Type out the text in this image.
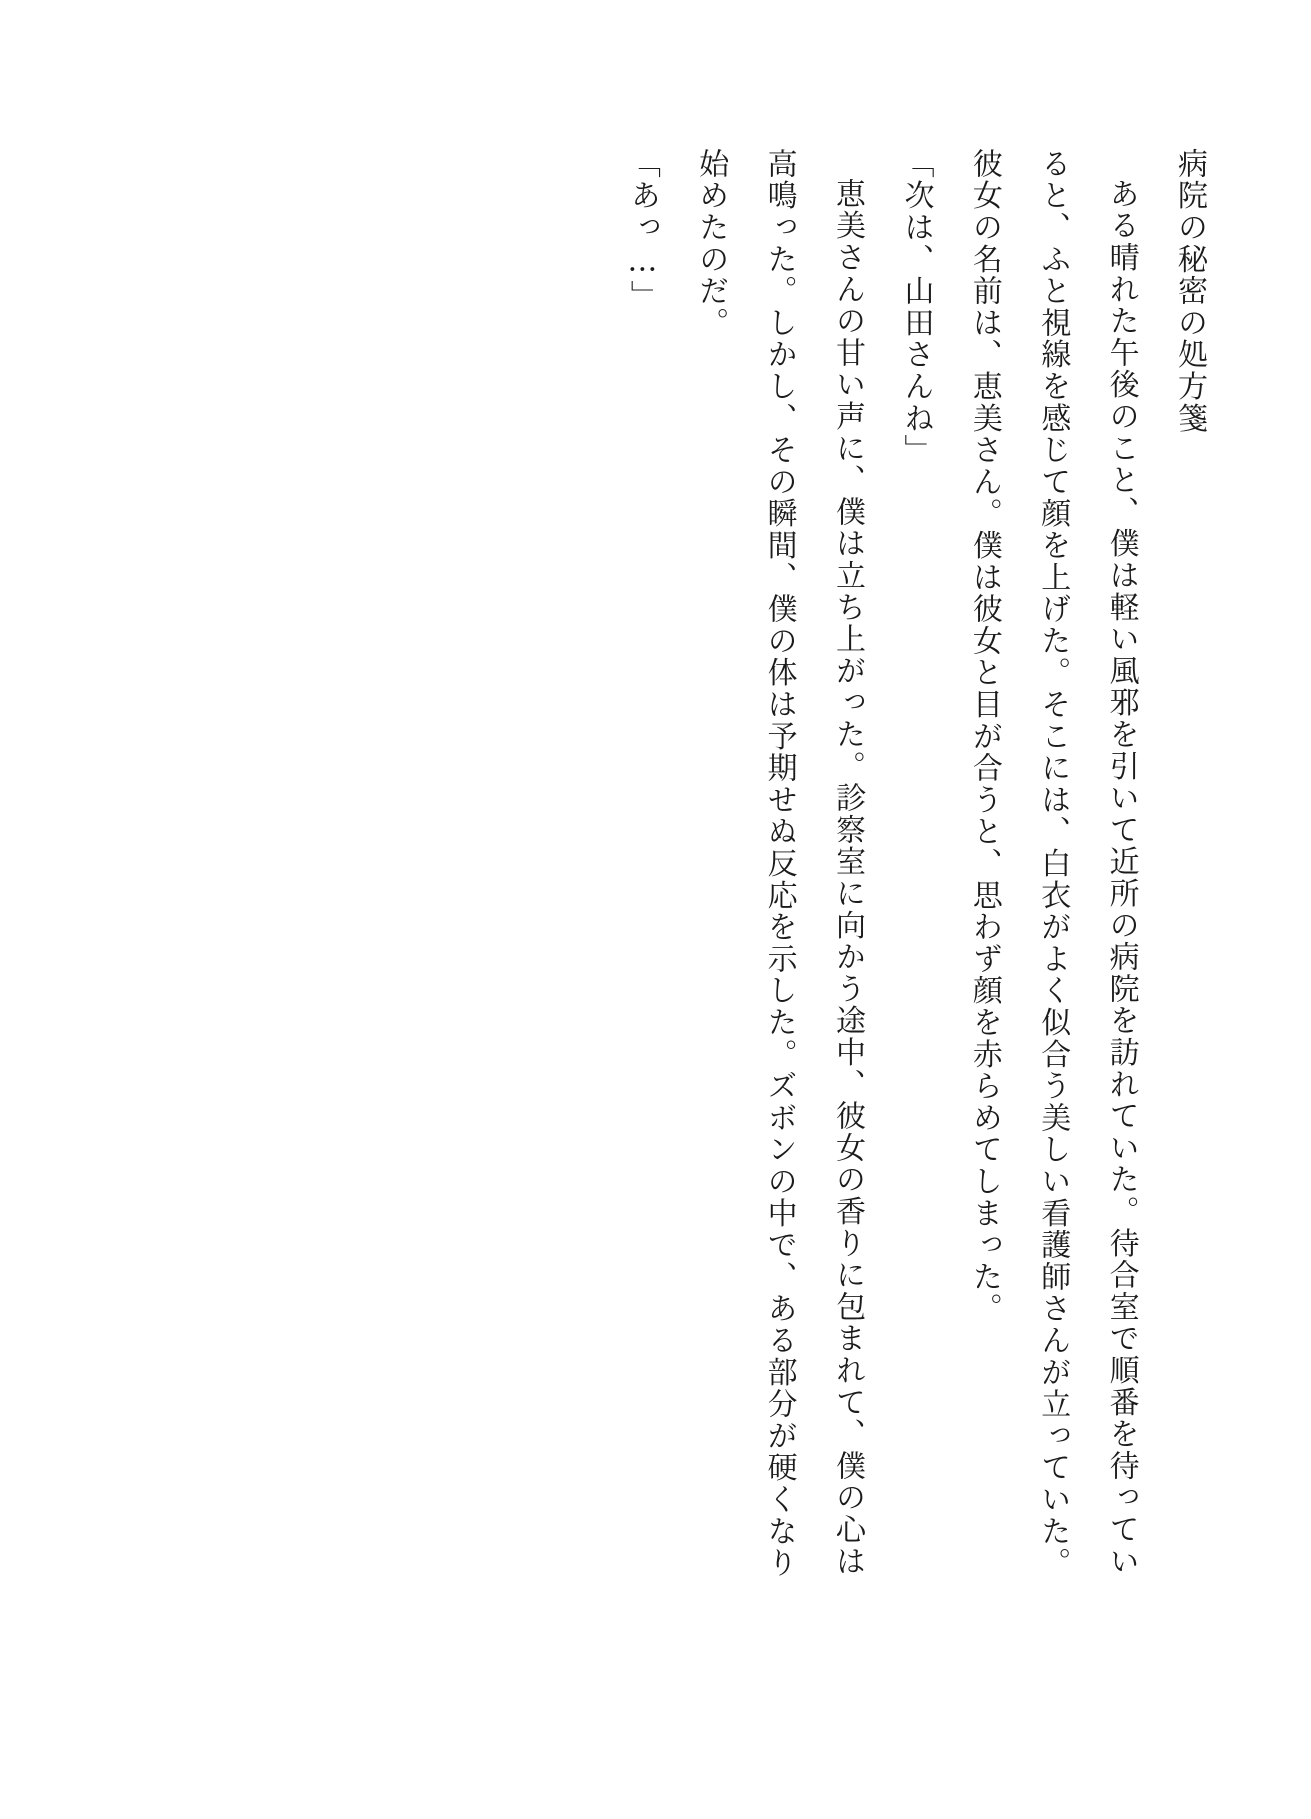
病院の秘密の処方箋

ある晴れた午後のこと、僕は軽い風邪を引いて近所の病院を訪れていた。待合室で順番を待っていると、ふと視線を感じて顔を上げた。そこには、白衣がよく似合う美しい看護師さんが立っていた。彼女の名前は、恵美さん。僕は彼女と目が合うと、思わず顔を赤らめてしまった。

「次は、山田さんね」

恵美さんの甘い声に、僕は立ち上がった。診察室に向かう途中、彼女の香りに包まれて、僕の心は高鳴った。しかし、その瞬間、僕の体は予期せぬ反応を示した。ズボンの中で、ある部分が硬くなり始めたのだ。

「あっ…」
